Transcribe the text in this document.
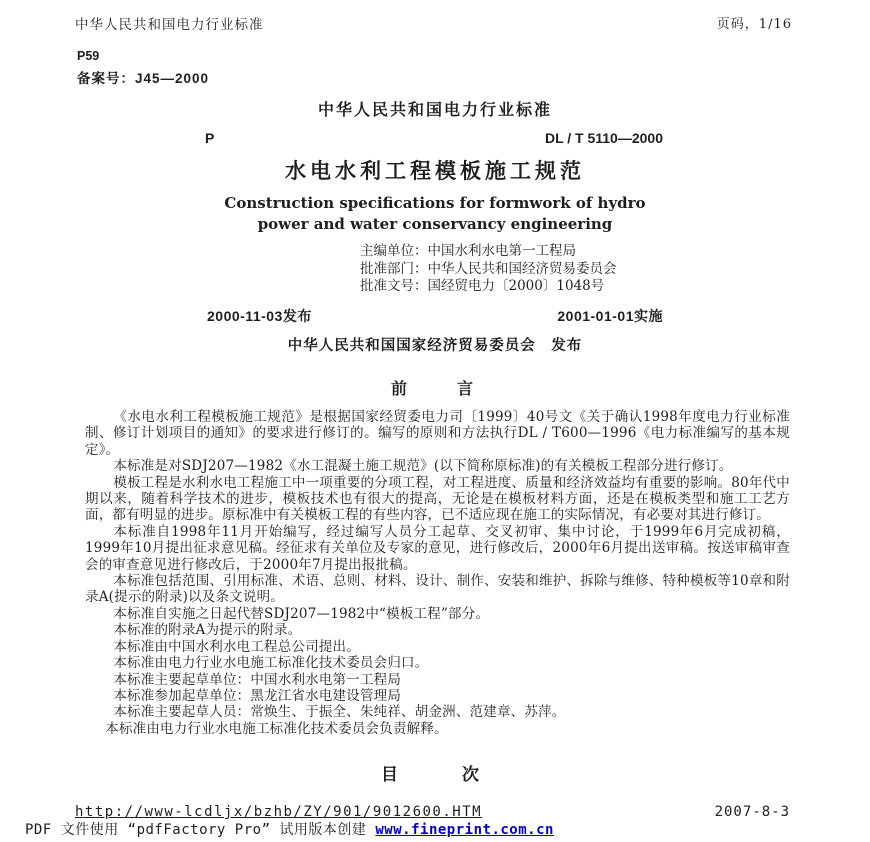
中华人民共和国电力行业标准	页码，1/16
P59
备案号：J45—2000
中华人民共和国电力行业标准
P	DL / T 5110—2000
水电水利工程模板施工规范
Construction specifications for formwork of hydro
power and water conservancy engineering
主编单位：中国水利水电第一工程局
批准部门：中华人民共和国经济贸易委员会
批准文号：国经贸电力〔2000〕1048号
2000-11-03发布	2001-01-01实施
中华人民共和国国家经济贸易委员会　发布
前　　言

《水电水利工程模板施工规范》是根据国家经贸委电力司〔1999〕40号文《关于确认1998年度电力行业标准制、修订计划项目的通知》的要求进行修订的。编写的原则和方法执行DL / T600—1996《电力标准编写的基本规定》。

本标准是对SDJ207—1982《水工混凝土施工规范》(以下简称原标准)的有关模板工程部分进行修订。

模板工程是水利水电工程施工中一项重要的分项工程，对工程进度、质量和经济效益均有重要的影响。80年代中期以来，随着科学技术的进步，模板技术也有很大的提高，无论是在模板材料方面，还是在模板类型和施工工艺方面，都有明显的进步。原标准中有关模板工程的有些内容，已不适应现在施工的实际情况，有必要对其进行修订。

本标准自1998年11月开始编写，经过编写人员分工起草、交叉初审、集中讨论，于1999年6月完成初稿，1999年10月提出征求意见稿。经征求有关单位及专家的意见，进行修改后，2000年6月提出送审稿。按送审稿审查会的审查意见进行修改后，于2000年7月提出报批稿。

本标准包括范围、引用标准、术语、总则、材料、设计、制作、安装和维护、拆除与维修、特种模板等10章和附录A(提示的附录)以及条文说明。

本标准自实施之日起代替SDJ207—1982中“模板工程”部分。

本标准的附录A为提示的附录。

本标准由中国水利水电工程总公司提出。

本标准由电力行业水电施工标准化技术委员会归口。

本标准主要起草单位：中国水利水电第一工程局

本标准参加起草单位：黑龙江省水电建设管理局

本标准主要起草人员：常焕生、于振全、朱纯祥、胡金洲、范建章、苏萍。

本标准由电力行业水电施工标准化技术委员会负责解释。

目　　次
http://www-lcdljx/bzhb/ZY/901/9012600.HTM	2007-8-3
PDF 文件使用 “pdfFactory Pro” 试用版本创建 www.fineprint.com.cn
